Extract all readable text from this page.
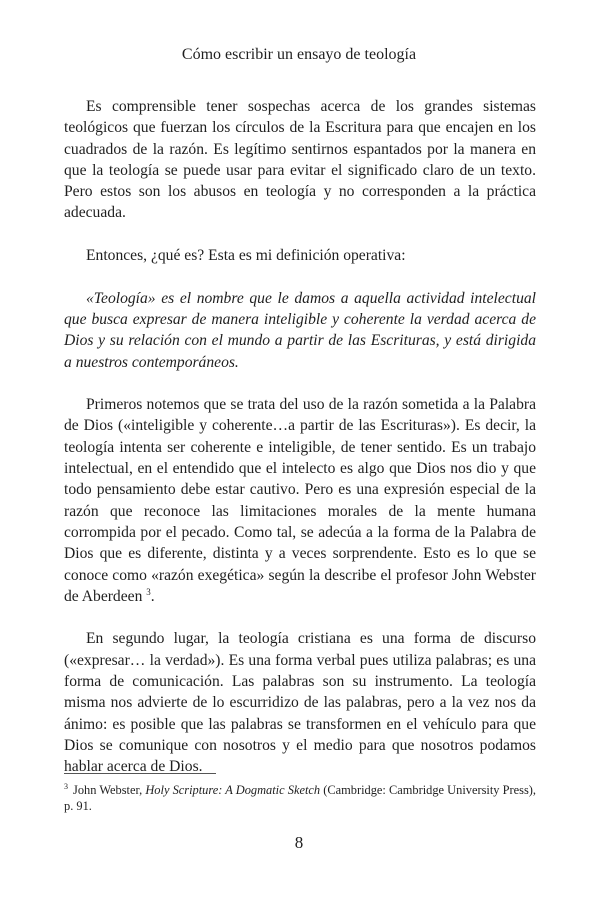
Cómo escribir un ensayo de teología

Es comprensible tener sospechas acerca de los grandes sistemas teológicos que fuerzan los círculos de la Escritura para que encajen en los cuadrados de la razón. Es legítimo sentirnos espantados por la manera en que la teología se puede usar para evitar el significado claro de un texto. Pero estos son los abusos en teología y no corresponden a la práctica adecuada.

Entonces, ¿qué es? Esta es mi definición operativa:

«Teología» es el nombre que le damos a aquella actividad intelectual que busca expresar de manera inteligible y coherente la verdad acerca de Dios y su relación con el mundo a partir de las Escrituras, y está dirigida a nuestros contemporáneos.

Primeros notemos que se trata del uso de la razón sometida a la Palabra de Dios («inteligible y coherente…a partir de las Escrituras»). Es decir, la teología intenta ser coherente e inteligible, de tener sentido. Es un trabajo intelectual, en el entendido que el intelecto es algo que Dios nos dio y que todo pensamiento debe estar cautivo. Pero es una expresión especial de la razón que reconoce las limitaciones morales de la mente humana corrompida por el pecado. Como tal, se adecúa a la forma de la Palabra de Dios que es diferente, distinta y a veces sorprendente. Esto es lo que se conoce como «razón exegética» según la describe el profesor John Webster de Aberdeen $^3$.

En segundo lugar, la teología cristiana es una forma de discurso («expresar… la verdad»). Es una forma verbal pues utiliza palabras; es una forma de comunicación. Las palabras son su instrumento. La teología misma nos advierte de lo escurridizo de las palabras, pero a la vez nos da ánimo: es posible que las palabras se transformen en el vehículo para que Dios se comunique con nosotros y el medio para que nosotros podamos hablar acerca de Dios.

$^3$ John Webster, Holy Scripture: A Dogmatic Sketch (Cambridge: Cambridge University Press), p. 91.
8
